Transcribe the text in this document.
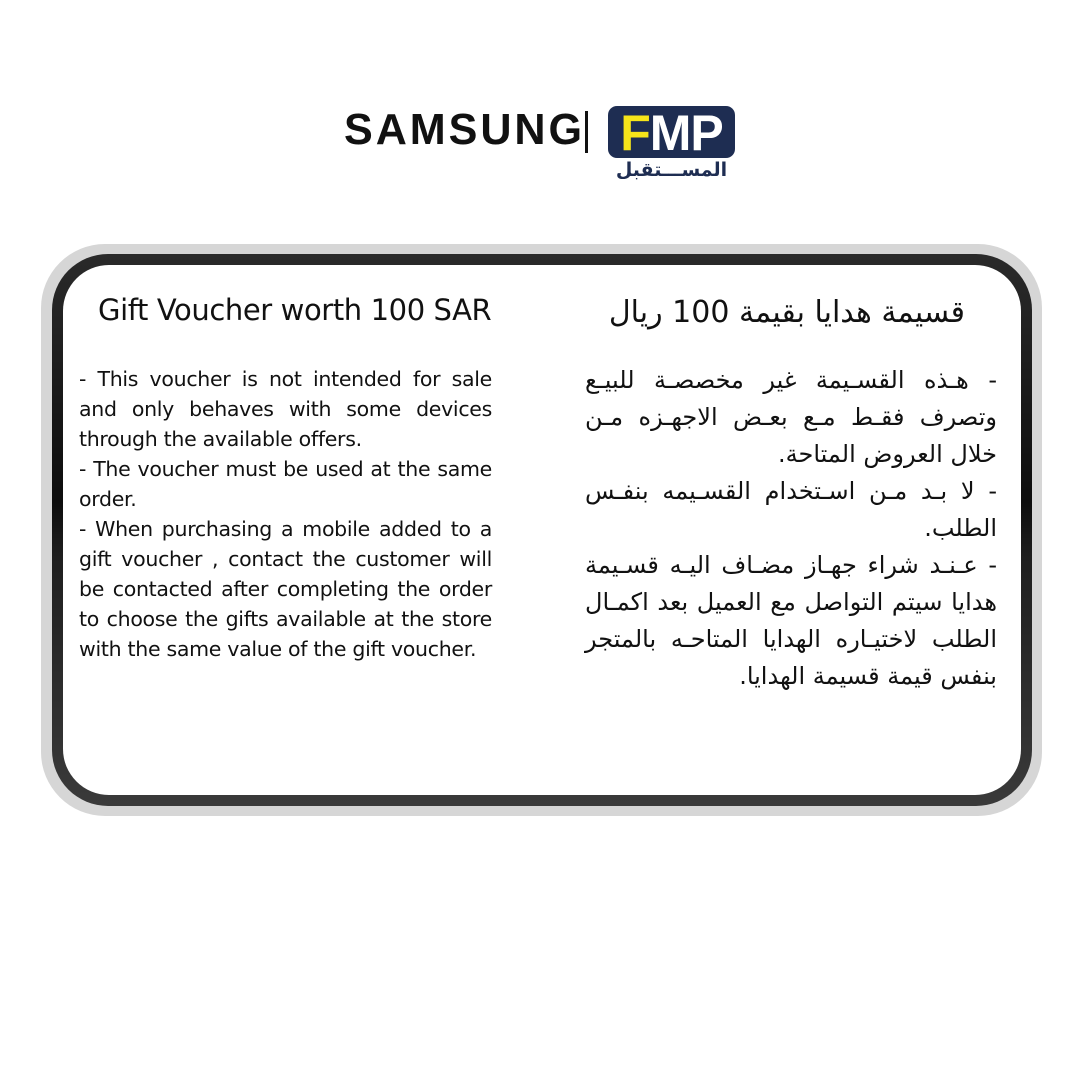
SAMSUNG FMP
المســـتقبل
Gift Voucher worth 100 SAR

- This voucher is not intended for sale and only behaves with some devices through the available offers.

- The voucher must be used at the same order.

- When purchasing a mobile added to a gift voucher , contact the customer will be contacted after completing the order to choose the gifts available at the store with the same value of the gift voucher.

قسيمة هدايا بقيمة 100 ريال

- هـذه القسـيمة غير مخصصـة للبيـع وتصرف فقـط مـع بعـض الاجهـزه مـن خلال العروض المتاحة.

- لا بـد مـن اسـتخدام القسـيمه بنفـس الطلب.

- عـنـد شراء جهـاز مضـاف اليـه قسـيمة هدايا سيتم التواصل مع العميل بعد اكمـال الطلب لاختيـاره الهدايا المتاحـه بالمتجر بنفس قيمة قسيمة الهدايا.
